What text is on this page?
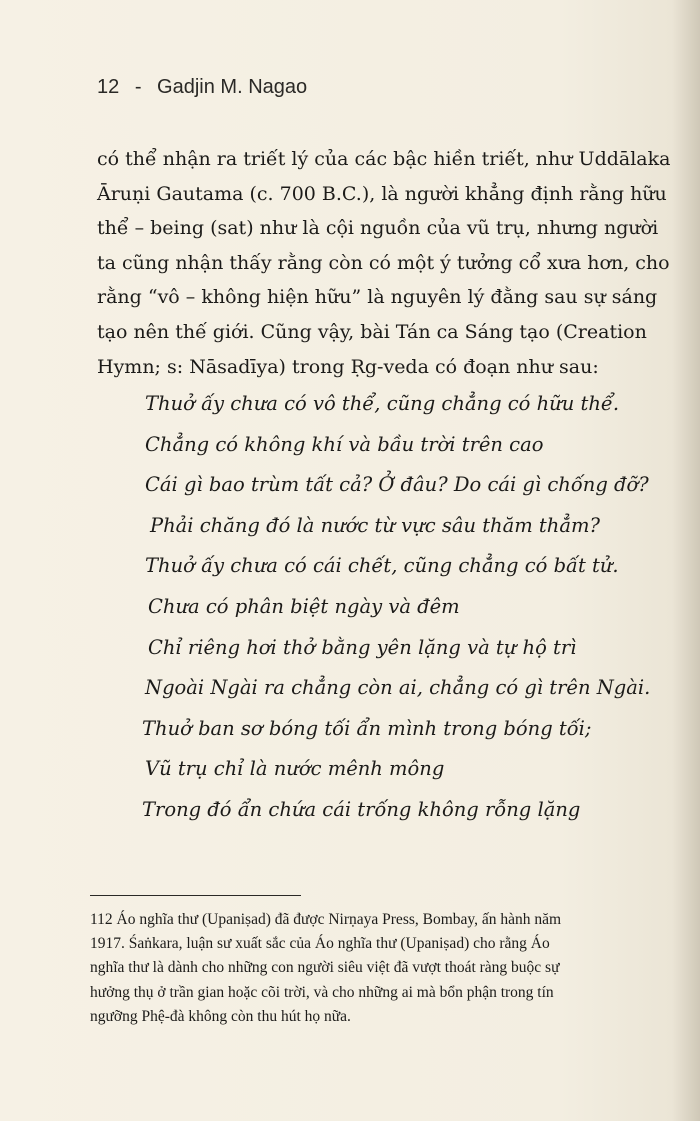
12 - Gadjin M. Nagao
có thể nhận ra triết lý của các bậc hiền triết, như Uddālaka
Āruṇi Gautama (c. 700 B.C.), là người khẳng định rằng hữu
thể – being (sat) như là cội nguồn của vũ trụ, nhưng người
ta cũng nhận thấy rằng còn có một ý tưởng cổ xưa hơn, cho
rằng “vô – không hiện hữu” là nguyên lý đằng sau sự sáng
tạo nên thế giới. Cũng vậy, bài Tán ca Sáng tạo (Creation
Hymn; s: Nāsadīya) trong Ṛg-veda có đoạn như sau:
Thuở ấy chưa có vô thể, cũng chẳng có hữu thể.
Chẳng có không khí và bầu trời trên cao
Cái gì bao trùm tất cả? Ở đâu? Do cái gì chống đỡ?
Phải chăng đó là nước từ vực sâu thăm thẳm?
Thuở ấy chưa có cái chết, cũng chẳng có bất tử.
Chưa có phân biệt ngày và đêm
Chỉ riêng hơi thở bằng yên lặng và tự hộ trì
Ngoài Ngài ra chẳng còn ai, chẳng có gì trên Ngài.
Thuở ban sơ bóng tối ẩn mình trong bóng tối;
Vũ trụ chỉ là nước mênh mông
Trong đó ẩn chứa cái trống không rỗng lặng
112 Áo nghĩa thư (Upaniṣad) đã được Nirṇaya Press, Bombay, ấn hành năm
1917. Śaṅkara, luận sư xuất sắc của Áo nghĩa thư (Upaniṣad) cho rằng Áo
nghĩa thư là dành cho những con người siêu việt đã vượt thoát ràng buộc sự
hưởng thụ ở trần gian hoặc cõi trời, và cho những ai mà bổn phận trong tín
ngưỡng Phệ-đà không còn thu hút họ nữa.
